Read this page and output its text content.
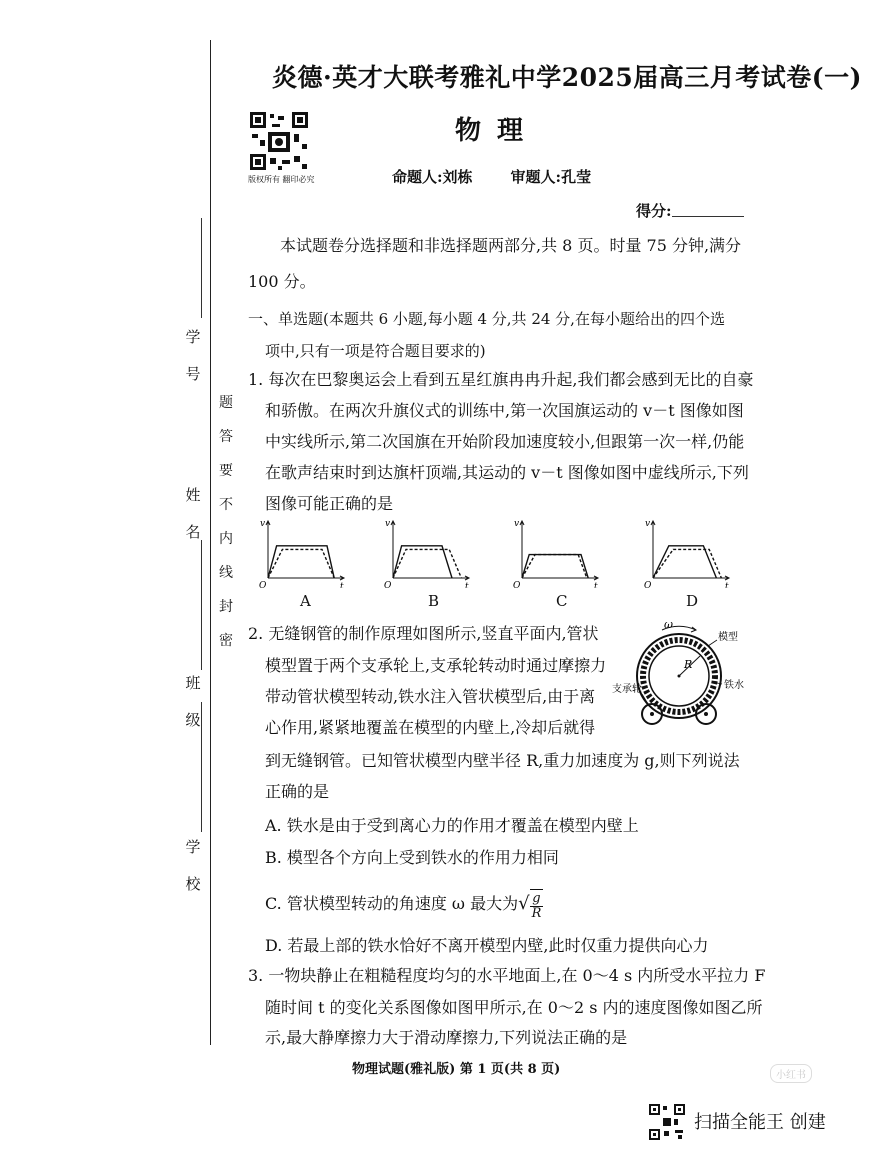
学
号
姓
名
班
级
学
校
题
答
要
不
内
线
封
密
炎德·英才大联考雅礼中学2025届高三月考试卷(一)
版权所有 翻印必究
物理
命题人:刘栋	审题人:孔莹
得分:
本试题卷分选择题和非选择题两部分,共 8 页。时量 75 分钟,满分
100 分。
一、单选题(本题共 6 小题,每小题 4 分,共 24 分,在每小题给出的四个选
项中,只有一项是符合题目要求的)
1. 每次在巴黎奥运会上看到五星红旗冉冉升起,我们都会感到无比的自豪
和骄傲。在两次升旗仪式的训练中,第一次国旗运动的 v－t 图像如图
中实线所示,第二次国旗在开始阶段加速度较小,但跟第一次一样,仍能
在歌声结束时到达旗杆顶端,其运动的 v－t 图像如图中虚线所示,下列
图像可能正确的是
v
t
O
v
t
O
v
t
O
v
t
O
A	B	C	D
2. 无缝钢管的制作原理如图所示,竖直平面内,管状
模型置于两个支承轮上,支承轮转动时通过摩擦力
带动管状模型转动,铁水注入管状模型后,由于离
心作用,紧紧地覆盖在模型的内壁上,冷却后就得
到无缝钢管。已知管状模型内壁半径 R,重力加速度为 g,则下列说法
正确的是
ω
模型
铁水
支承轮
R
A. 铁水是由于受到离心力的作用才覆盖在模型内壁上
B. 模型各个方向上受到铁水的作用力相同
C. 管状模型转动的角速度 ω 最大为√ $\frac{g}{R}$
D. 若最上部的铁水恰好不离开模型内壁,此时仅重力提供向心力
3. 一物块静止在粗糙程度均匀的水平地面上,在 0～4 s 内所受水平拉力 F
随时间 t 的变化关系图像如图甲所示,在 0～2 s 内的速度图像如图乙所
示,最大静摩擦力大于滑动摩擦力,下列说法正确的是
物理试题(雅礼版) 第 1 页(共 8 页)	小红书
扫描全能王 创建
